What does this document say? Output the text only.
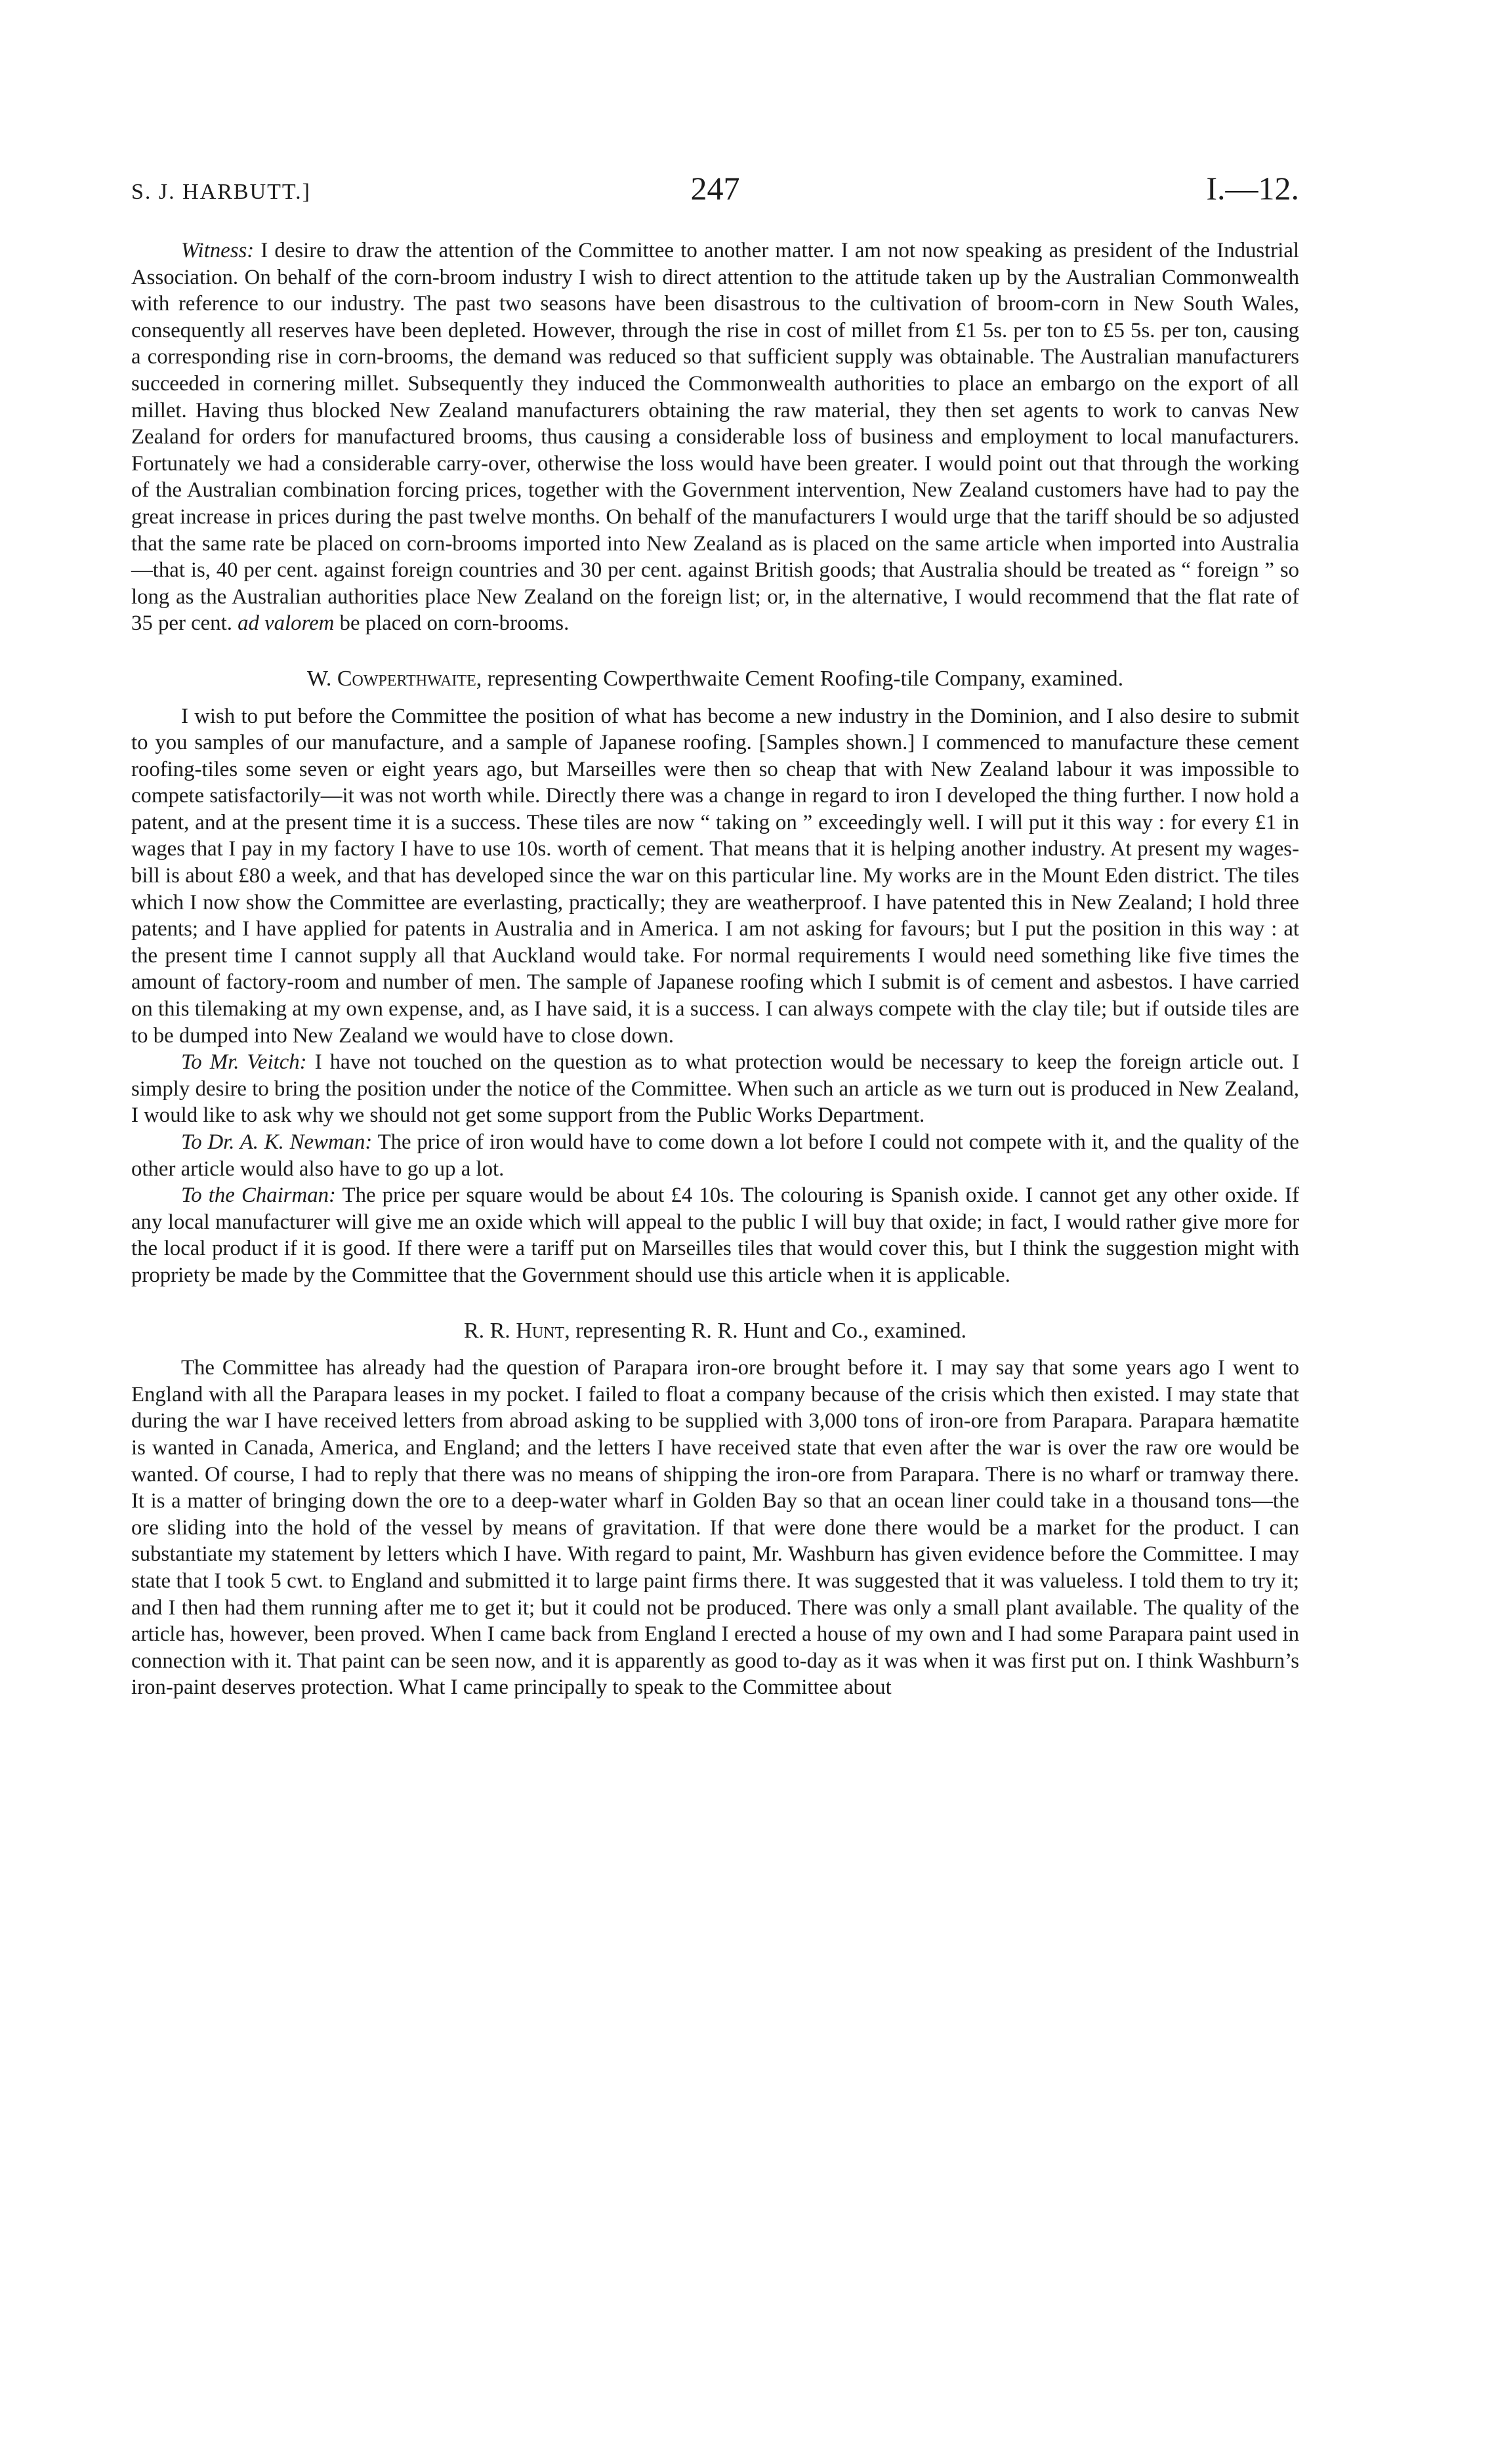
S. J. HARBUTT.]	247	I.—12.

Witness: I desire to draw the attention of the Committee to another matter. I am not now speaking as president of the Industrial Association. On behalf of the corn-broom industry I wish to direct attention to the attitude taken up by the Australian Commonwealth with reference to our industry. The past two seasons have been disastrous to the cultivation of broom-corn in New South Wales, consequently all reserves have been depleted. However, through the rise in cost of millet from £1 5s. per ton to £5 5s. per ton, causing a corresponding rise in corn-brooms, the demand was reduced so that sufficient supply was obtainable. The Australian manufacturers succeeded in cornering millet. Subsequently they induced the Commonwealth authorities to place an embargo on the export of all millet. Having thus blocked New Zealand manufacturers obtaining the raw material, they then set agents to work to canvas New Zealand for orders for manufactured brooms, thus causing a considerable loss of business and employment to local manufacturers. Fortunately we had a considerable carry-over, otherwise the loss would have been greater. I would point out that through the working of the Australian combination forcing prices, together with the Government intervention, New Zealand customers have had to pay the great increase in prices during the past twelve months. On behalf of the manufacturers I would urge that the tariff should be so adjusted that the same rate be placed on corn-brooms imported into New Zealand as is placed on the same article when imported into Australia—that is, 40 per cent. against foreign countries and 30 per cent. against British goods; that Australia should be treated as “ foreign ” so long as the Australian authorities place New Zealand on the foreign list; or, in the alternative, I would recommend that the flat rate of 35 per cent. ad valorem be placed on corn-brooms.

W. Cowperthwaite, representing Cowperthwaite Cement Roofing-tile Company, examined.

I wish to put before the Committee the position of what has become a new industry in the Dominion, and I also desire to submit to you samples of our manufacture, and a sample of Japanese roofing. [Samples shown.] I commenced to manufacture these cement roofing-tiles some seven or eight years ago, but Marseilles were then so cheap that with New Zealand labour it was impossible to compete satisfactorily—it was not worth while. Directly there was a change in regard to iron I developed the thing further. I now hold a patent, and at the present time it is a success. These tiles are now “ taking on ” exceedingly well. I will put it this way : for every £1 in wages that I pay in my factory I have to use 10s. worth of cement. That means that it is helping another industry. At present my wages-bill is about £80 a week, and that has developed since the war on this particular line. My works are in the Mount Eden district. The tiles which I now show the Committee are everlasting, practically; they are weatherproof. I have patented this in New Zealand; I hold three patents; and I have applied for patents in Australia and in America. I am not asking for favours; but I put the position in this way : at the present time I cannot supply all that Auckland would take. For normal requirements I would need something like five times the amount of factory-room and number of men. The sample of Japanese roofing which I submit is of cement and asbestos. I have carried on this tilemaking at my own expense, and, as I have said, it is a success. I can always compete with the clay tile; but if outside tiles are to be dumped into New Zealand we would have to close down.

To Mr. Veitch: I have not touched on the question as to what protection would be necessary to keep the foreign article out. I simply desire to bring the position under the notice of the Committee. When such an article as we turn out is produced in New Zealand, I would like to ask why we should not get some support from the Public Works Department.

To Dr. A. K. Newman: The price of iron would have to come down a lot before I could not compete with it, and the quality of the other article would also have to go up a lot.

To the Chairman: The price per square would be about £4 10s. The colouring is Spanish oxide. I cannot get any other oxide. If any local manufacturer will give me an oxide which will appeal to the public I will buy that oxide; in fact, I would rather give more for the local product if it is good. If there were a tariff put on Marseilles tiles that would cover this, but I think the suggestion might with propriety be made by the Committee that the Government should use this article when it is applicable.

R. R. Hunt, representing R. R. Hunt and Co., examined.

The Committee has already had the question of Parapara iron-ore brought before it. I may say that some years ago I went to England with all the Parapara leases in my pocket. I failed to float a company because of the crisis which then existed. I may state that during the war I have received letters from abroad asking to be supplied with 3,000 tons of iron-ore from Parapara. Parapara hæmatite is wanted in Canada, America, and England; and the letters I have received state that even after the war is over the raw ore would be wanted. Of course, I had to reply that there was no means of shipping the iron-ore from Parapara. There is no wharf or tramway there. It is a matter of bringing down the ore to a deep-water wharf in Golden Bay so that an ocean liner could take in a thousand tons—the ore sliding into the hold of the vessel by means of gravitation. If that were done there would be a market for the product. I can substantiate my statement by letters which I have. With regard to paint, Mr. Washburn has given evidence before the Committee. I may state that I took 5 cwt. to England and submitted it to large paint firms there. It was suggested that it was valueless. I told them to try it; and I then had them running after me to get it; but it could not be produced. There was only a small plant available. The quality of the article has, however, been proved. When I came back from England I erected a house of my own and I had some Parapara paint used in connection with it. That paint can be seen now, and it is apparently as good to-day as it was when it was first put on. I think Washburn’s iron-paint deserves protection. What I came principally to speak to the Committee about
